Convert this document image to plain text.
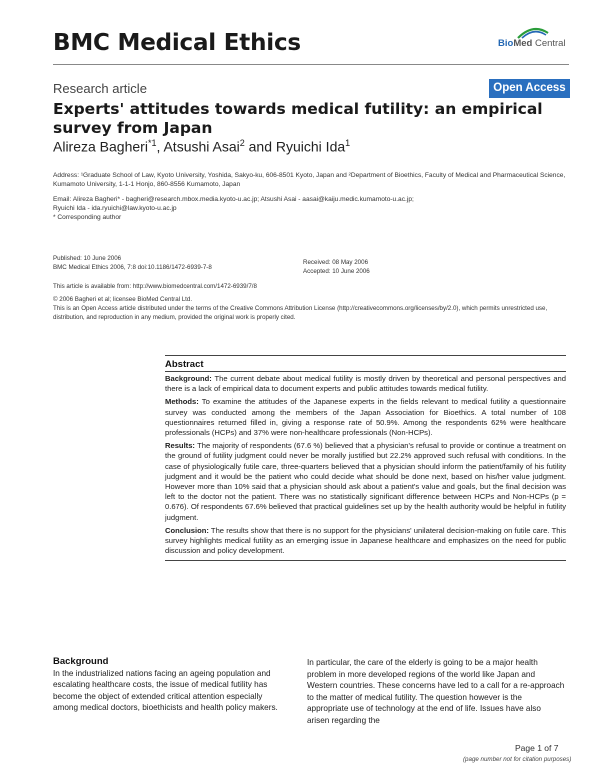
BMC Medical Ethics	BioMed Central
Research article	Open Access
Experts' attitudes towards medical futility: an empirical survey from Japan
Alireza Bagheri$^{*1}$, Atsushi Asai$^2$ and Ryuichi Ida$^1$
Address: ¹Graduate School of Law, Kyoto University, Yoshida, Sakyo-ku, 606-8501 Kyoto, Japan and ²Department of Bioethics, Faculty of Medical and Pharmaceutical Science, Kumamoto University, 1-1-1 Honjo, 860-8556 Kumamoto, Japan
Email: Alireza Bagheri* - bagheri@research.mbox.media.kyoto-u.ac.jp; Atsushi Asai - aasai@kaiju.medic.kumamoto-u.ac.jp;
Ryuichi Ida - ida.ryuichi@law.kyoto-u.ac.jp
* Corresponding author
Published: 10 June 2006
BMC Medical Ethics 2006, 7:8 doi:10.1186/1472-6939-7-8
Received: 08 May 2006
Accepted: 10 June 2006
This article is available from: http://www.biomedcentral.com/1472-6939/7/8
© 2006 Bagheri et al; licensee BioMed Central Ltd.
This is an Open Access article distributed under the terms of the Creative Commons Attribution License (http://creativecommons.org/licenses/by/2.0), which permits unrestricted use, distribution, and reproduction in any medium, provided the original work is properly cited.
Abstract

Background: The current debate about medical futility is mostly driven by theoretical and personal perspectives and there is a lack of empirical data to document experts and public attitudes towards medical futility.

Methods: To examine the attitudes of the Japanese experts in the fields relevant to medical futility a questionnaire survey was conducted among the members of the Japan Association for Bioethics. A total number of 108 questionnaires returned filled in, giving a response rate of 50.9%. Among the respondents 62% were healthcare professionals (HCPs) and 37% were non-healthcare professionals (Non-HCPs).

Results: The majority of respondents (67.6 %) believed that a physician's refusal to provide or continue a treatment on the ground of futility judgment could never be morally justified but 22.2% approved such refusal with conditions. In the case of physiologically futile care, three-quarters believed that a physician should inform the patient/family of his futility judgment and it would be the patient who could decide what should be done next, based on his/her value judgment. However more than 10% said that a physician should ask about a patient's value and goals, but the final decision was left to the doctor not the patient. There was no statistically significant difference between HCPs and Non-HCPs (p = 0.676). Of respondents 67.6% believed that practical guidelines set up by the health authority would be helpful in futility judgment.

Conclusion: The results show that there is no support for the physicians' unilateral decision-making on futile care. This survey highlights medical futility as an emerging issue in Japanese healthcare and emphasizes on the need for public discussion and policy development.

Background
In the industrialized nations facing an ageing population and escalating healthcare costs, the issue of medical futility has become the object of extended critical attention especially among medical doctors, bioethicists and health policy makers.
In particular, the care of the elderly is going to be a major health problem in more developed regions of the world like Japan and Western countries. These concerns have led to a call for a re-approach to the matter of medical futility. The question however is the appropriate use of technology at the end of life. Issues have also arisen regarding the
Page 1 of 7
(page number not for citation purposes)
